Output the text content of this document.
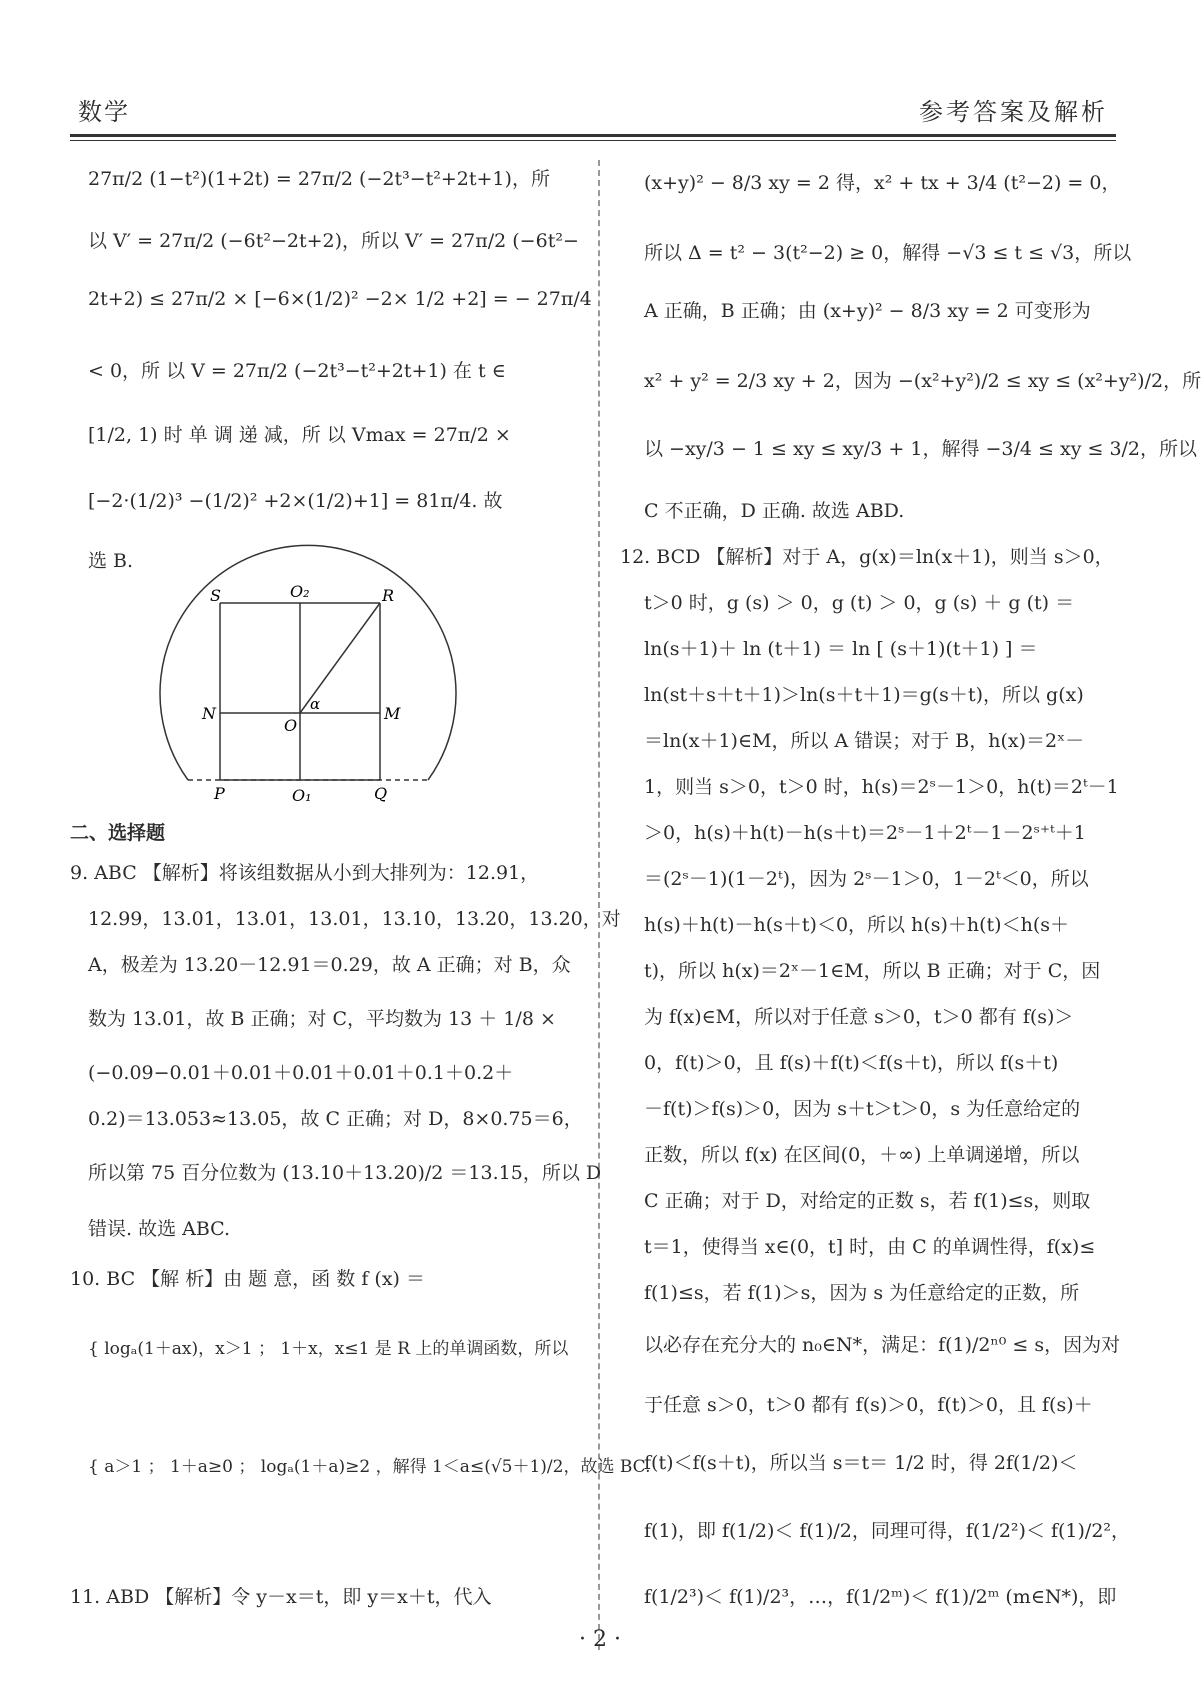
数学	参考答案及解析
27π/2 (1−t²)(1+2t) = 27π/2 (−2t³−t²+2t+1)，所
以 V′ = 27π/2 (−6t²−2t+2)，所以 V′ = 27π/2 (−6t²−
2t+2) ≤ 27π/2 × [−6×(1/2)² −2× 1/2 +2] = − 27π/4
< 0，所 以 V = 27π/2 (−2t³−t²+2t+1) 在 t ∈
[1/2, 1) 时 单 调 递 减，所 以 Vmax = 27π/2 ×
[−2·(1/2)³ −(1/2)² +2×(1/2)+1] = 81π/4. 故
选 B.
S	O₂	R
N
O
α	M
P	O₁	Q
二、选择题
9. ABC 【解析】将该组数据从小到大排列为：12.91，
12.99，13.01，13.01，13.01，13.10，13.20，13.20，对
A，极差为 13.20－12.91＝0.29，故 A 正确；对 B，众
数为 13.01，故 B 正确；对 C，平均数为 13 ＋ 1/8 ×
(−0.09−0.01＋0.01＋0.01＋0.01＋0.1＋0.2＋
0.2)＝13.053≈13.05，故 C 正确；对 D，8×0.75＝6，
所以第 75 百分位数为 (13.10＋13.20)/2 ＝13.15，所以 D
错误. 故选 ABC.
10. BC 【解 析】由 题 意，函 数 f (x) ＝
{ logₐ(1＋ax)，x＞1 ； 1＋x，x≤1 是 R 上的单调函数，所以
{ a＞1 ； 1＋a≥0 ； logₐ(1＋a)≥2 ，解得 1＜a≤(√5＋1)/2，故选 BC.
11. ABD 【解析】令 y－x＝t，即 y＝x＋t，代入
(x+y)² − 8/3 xy = 2 得，x² + tx + 3/4 (t²−2) = 0，
所以 Δ = t² − 3(t²−2) ≥ 0，解得 −√3 ≤ t ≤ √3，所以
A 正确，B 正确；由 (x+y)² − 8/3 xy = 2 可变形为
x² + y² = 2/3 xy + 2，因为 −(x²+y²)/2 ≤ xy ≤ (x²+y²)/2，所
以 −xy/3 − 1 ≤ xy ≤ xy/3 + 1，解得 −3/4 ≤ xy ≤ 3/2，所以
C 不正确，D 正确. 故选 ABD.
12. BCD 【解析】对于 A，g(x)＝ln(x＋1)，则当 s＞0，
t＞0 时，g (s) ＞ 0，g (t) ＞ 0，g (s) ＋ g (t) ＝
ln(s＋1)＋ ln (t＋1) ＝ ln [ (s＋1)(t＋1) ] ＝
ln(st＋s＋t＋1)＞ln(s＋t＋1)＝g(s＋t)，所以 g(x)
＝ln(x＋1)∈M，所以 A 错误；对于 B，h(x)＝2ˣ－
1，则当 s＞0，t＞0 时，h(s)＝2ˢ－1＞0，h(t)＝2ᵗ－1
＞0，h(s)＋h(t)－h(s＋t)＝2ˢ－1＋2ᵗ－1－2ˢ⁺ᵗ＋1
＝(2ˢ－1)(1－2ᵗ)，因为 2ˢ－1＞0，1－2ᵗ＜0，所以
h(s)＋h(t)－h(s＋t)＜0，所以 h(s)＋h(t)＜h(s＋
t)，所以 h(x)＝2ˣ－1∈M，所以 B 正确；对于 C，因
为 f(x)∈M，所以对于任意 s＞0，t＞0 都有 f(s)＞
0，f(t)＞0，且 f(s)＋f(t)＜f(s＋t)，所以 f(s＋t)
－f(t)＞f(s)＞0，因为 s＋t＞t＞0，s 为任意给定的
正数，所以 f(x) 在区间(0，＋∞) 上单调递增，所以
C 正确；对于 D，对给定的正数 s，若 f(1)≤s，则取
t＝1，使得当 x∈(0，t] 时，由 C 的单调性得，f(x)≤
f(1)≤s，若 f(1)＞s，因为 s 为任意给定的正数，所
以必存在充分大的 n₀∈N*，满足：f(1)/2ⁿ⁰ ≤ s，因为对
于任意 s＞0，t＞0 都有 f(s)＞0，f(t)＞0，且 f(s)＋
f(t)＜f(s＋t)，所以当 s＝t＝ 1/2 时，得 2f(1/2)＜
f(1)，即 f(1/2)＜ f(1)/2，同理可得，f(1/2²)＜ f(1)/2²，
f(1/2³)＜ f(1)/2³，…，f(1/2ᵐ)＜ f(1)/2ᵐ (m∈N*)，即
· 2 ·
